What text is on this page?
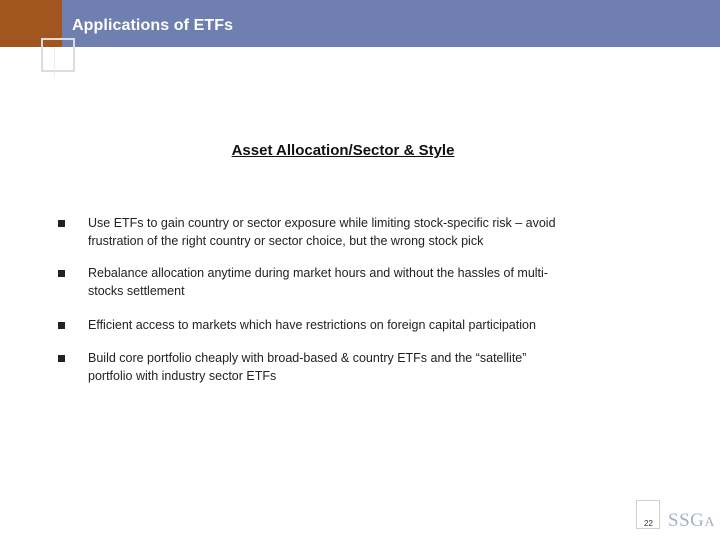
Applications of ETFs
Asset Allocation/Sector & Style
Use ETFs to gain country or sector exposure while limiting stock-specific risk – avoid
frustration of the right country or sector choice, but the wrong stock pick
Rebalance allocation anytime during market hours and without the hassles of multi-
stocks settlement
Efficient access to markets which have restrictions on foreign capital participation
Build core portfolio cheaply with broad-based & country ETFs and the “satellite”
portfolio with industry sector ETFs
22 SSGA
